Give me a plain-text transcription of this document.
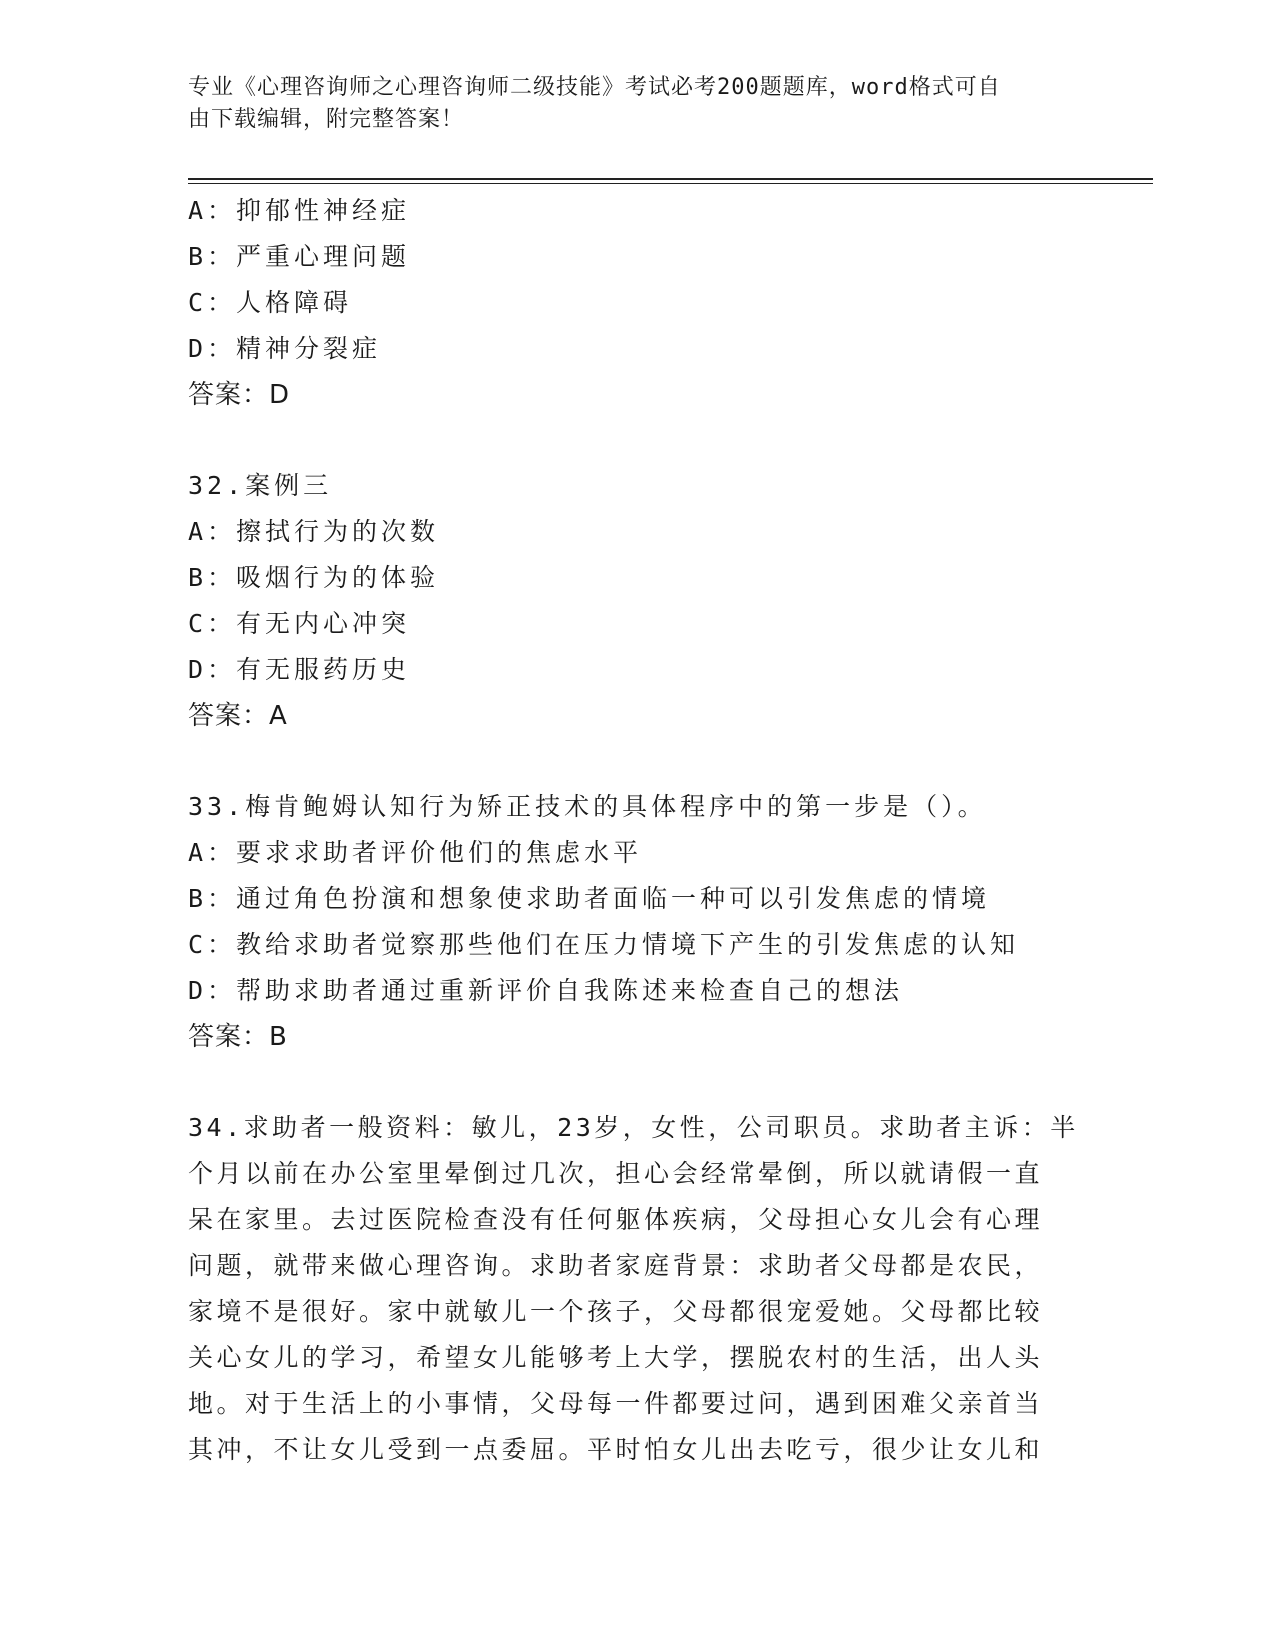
专业《心理咨询师之心理咨询师二级技能》考试必考200题题库，word格式可自
由下载编辑，附完整答案！
A：抑郁性神经症
B：严重心理问题
C：人格障碍
D：精神分裂症
答案：D
32.案例三
A：擦拭行为的次数
B：吸烟行为的体验
C：有无内心冲突
D：有无服药历史
答案：A
33.梅肯鲍姆认知行为矫正技术的具体程序中的第一步是（）。
A：要求求助者评价他们的焦虑水平
B：通过角色扮演和想象使求助者面临一种可以引发焦虑的情境
C：教给求助者觉察那些他们在压力情境下产生的引发焦虑的认知
D：帮助求助者通过重新评价自我陈述来检查自己的想法
答案：B
34.求助者一般资料：敏儿，23岁，女性，公司职员。求助者主诉：半
个月以前在办公室里晕倒过几次，担心会经常晕倒，所以就请假一直
呆在家里。去过医院检查没有任何躯体疾病，父母担心女儿会有心理
问题，就带来做心理咨询。求助者家庭背景：求助者父母都是农民，
家境不是很好。家中就敏儿一个孩子，父母都很宠爱她。父母都比较
关心女儿的学习，希望女儿能够考上大学，摆脱农村的生活，出人头
地。对于生活上的小事情，父母每一件都要过问，遇到困难父亲首当
其冲，不让女儿受到一点委屈。平时怕女儿出去吃亏，很少让女儿和
